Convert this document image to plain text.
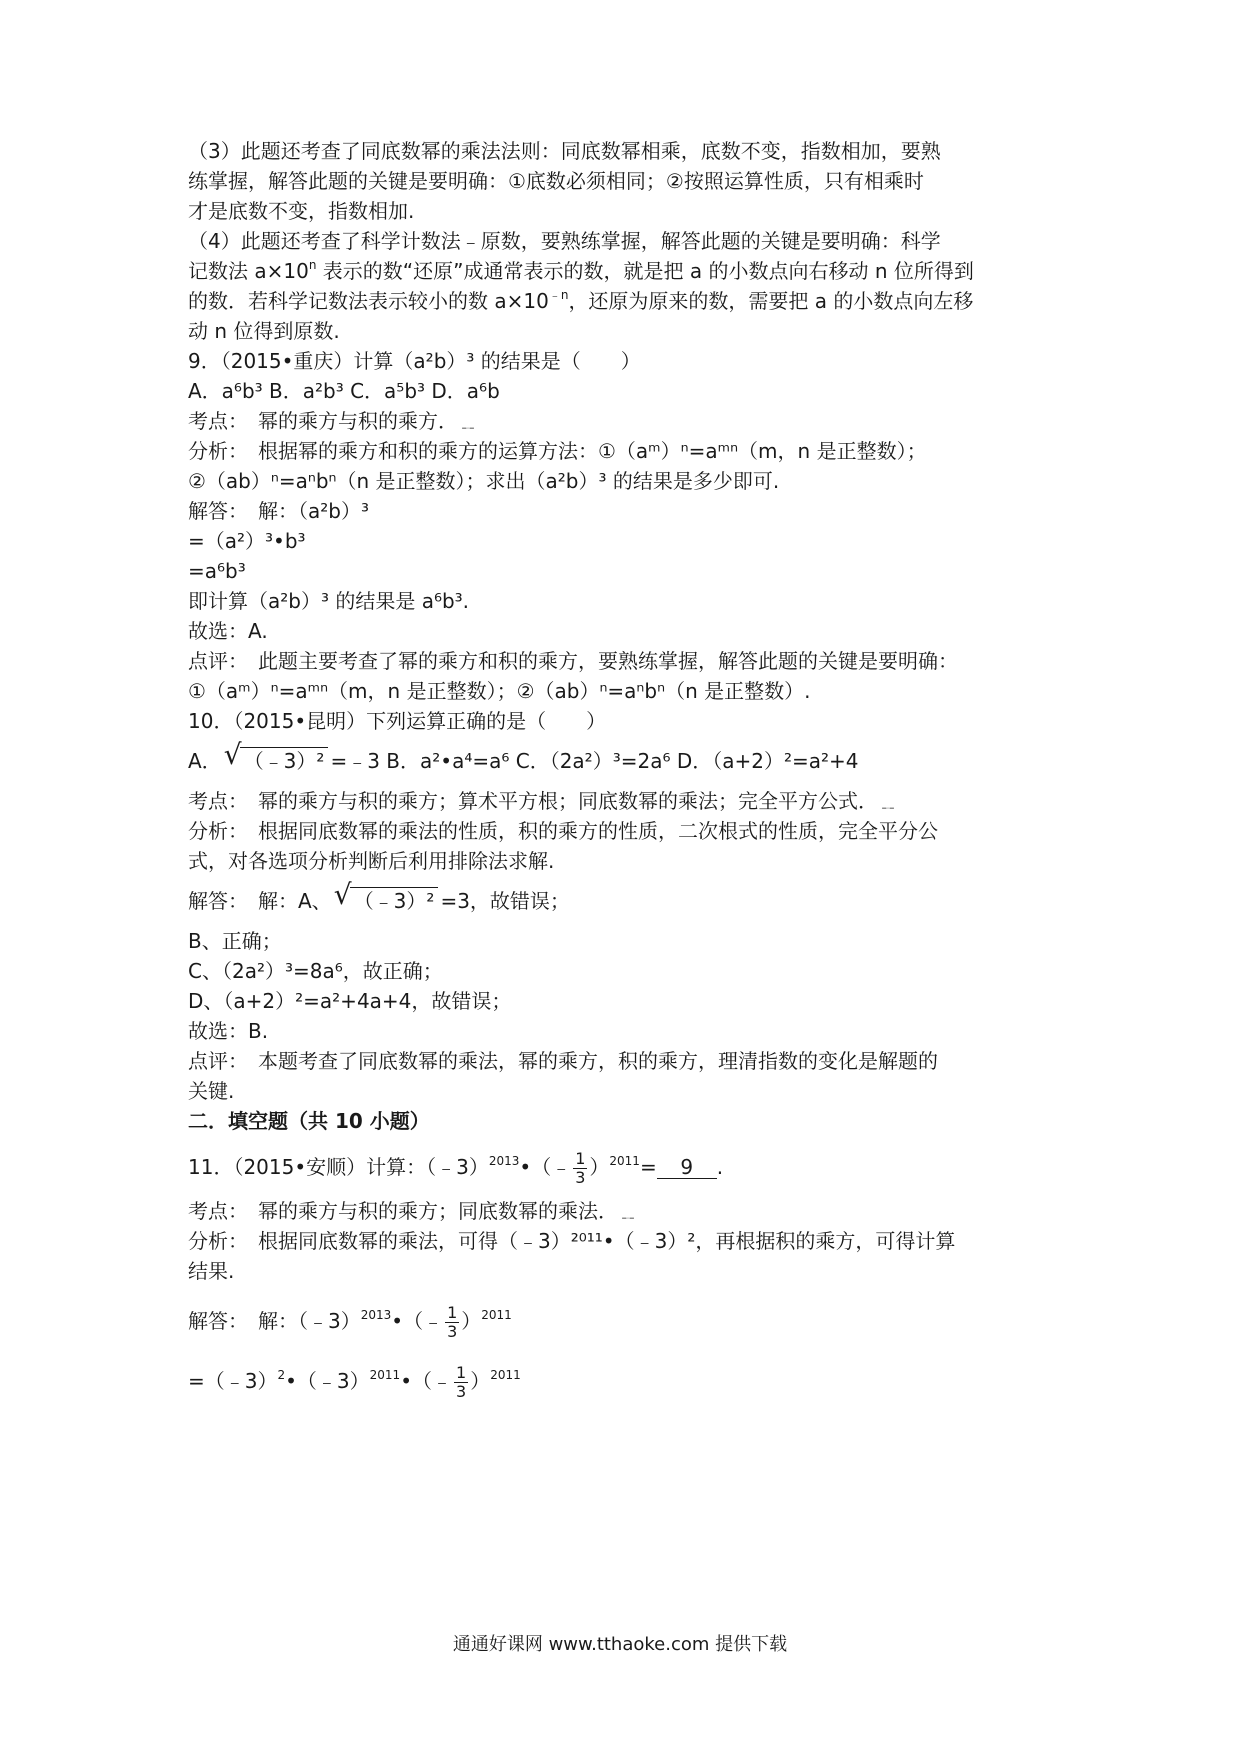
（3）此题还考查了同底数幂的乘法法则：同底数幂相乘，底数不变，指数相加，要熟
练掌握，解答此题的关键是要明确：①底数必须相同；②按照运算性质，只有相乘时
才是底数不变，指数相加.
（4）此题还考查了科学计数法﹣原数，要熟练掌握，解答此题的关键是要明确：科学
记数法 $a\times 10^n$ 表示的数“还原”成通常表示的数，就是把 a 的小数点向右移动 n 位所得到
的数．若科学记数法表示较小的数 $a\times 10^{﹣n}$，还原为原来的数，需要把 a 的小数点向左移
动 n 位得到原数.
9．（2015•重庆）计算（a²b）³ 的结果是（　　）
A．a⁶b³ B．a²b³ C．a⁵b³ D．a⁶b
考点：　幂的乘方与积的乘方．﹎
分析：　根据幂的乘方和积的乘方的运算方法：①（aᵐ）ⁿ=aᵐⁿ（m，n 是正整数）；
②（ab）ⁿ=aⁿbⁿ（n 是正整数）；求出（a²b）³ 的结果是多少即可.
解答：　解：（a²b）³
=（a²）³•b³
=a⁶b³
即计算（a²b）³ 的结果是 a⁶b³.
故选：A.
点评：　此题主要考查了幂的乘方和积的乘方，要熟练掌握，解答此题的关键是要明确：
①（aᵐ）ⁿ=aᵐⁿ（m，n 是正整数）；②（ab）ⁿ=aⁿbⁿ（n 是正整数）.
10．（2015•昆明）下列运算正确的是（　　）
A． √ （﹣3）² =﹣3 B．a²•a⁴=a⁶ C．（2a²）³=2a⁶ D．（a+2）²=a²+4
考点：　幂的乘方与积的乘方；算术平方根；同底数幂的乘法；完全平方公式．﹎
分析：　根据同底数幂的乘法的性质，积的乘方的性质，二次根式的性质，完全平分公
式，对各选项分析判断后利用排除法求解.
解答：　解：A、 √ （﹣3）² =3，故错误；
B、正确；
C、（2a²）³=8a⁶，故正确；
D、（a+2）²=a²+4a+4，故错误；
故选：B.
点评：　本题考查了同底数幂的乘法，幂的乘方，积的乘方，理清指数的变化是解题的
关键.
二．填空题（共 10 小题）
11．（2015•安顺）计算：（﹣3）$^{2013}$•（﹣ $\frac{1}{3} )^{2011}= 9$ .
考点：　幂的乘方与积的乘方；同底数幂的乘法．﹎
分析：　根据同底数幂的乘法，可得（﹣3）²⁰¹¹•（﹣3）²，再根据积的乘方，可得计算
结果.
解答：　解：（﹣3）$^{2013}$•（﹣ $\frac{1}{3} )^{2011}$
=（﹣3）$^2$•（﹣3）$^{2011}$•（﹣ $\frac{1}{3} )^{2011}$
通通好课网 www.tthaoke.com 提供下载
